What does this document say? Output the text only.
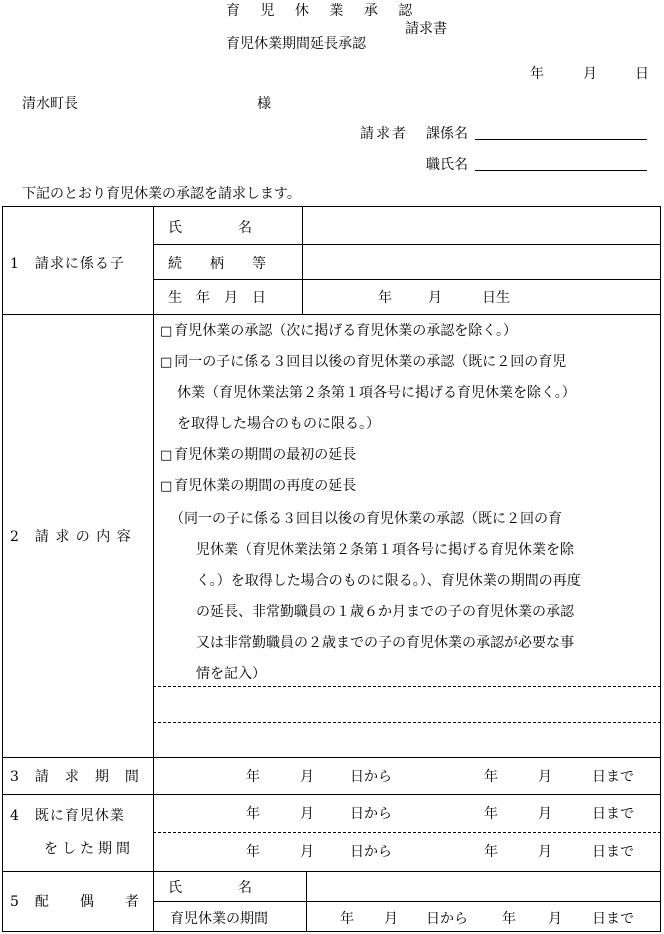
育 児 休 業 承 認
育児休業期間延長承認
請求書
年	月	日
清水町長	様
請求者 課係名
職氏名
下記のとおり育児休業の承認を請求します。
1　請求に係る子
氏　　　　名
続　　柄　　等
生　年　月　日	年	月	日生
2　請 求 の 内 容
□ 育児休業の承認（次に掲げる育児休業の承認を除く。）
□ 同一の子に係る３回目以後の育児休業の承認（既に２回の育児
休業（育児休業法第２条第１項各号に掲げる育児休業を除く。）
を取得した場合のものに限る。）
□ 育児休業の期間の最初の延長
□ 育児休業の期間の再度の延長
（同一の子に係る３回目以後の育児休業の承認（既に２回の育
児休業（育児休業法第２条第１項各号に掲げる育児休業を除
く。）を取得した場合のものに限る。）、育児休業の期間の再度
の延長、非常勤職員の１歳６か月までの子の育児休業の承認
又は非常勤職員の２歳までの子の育児休業の承認が必要な事
情を記入）
3　請　求　期　間	年	月	日から	年	月	日まで
4　既に育児休業
をした期間
年	月	日から	年	月	日まで
年	月	日から	年	月	日まで
5　配　　偶　　者
氏　　　　名
育児休業の期間	年 月 日から 年 月 日まで
